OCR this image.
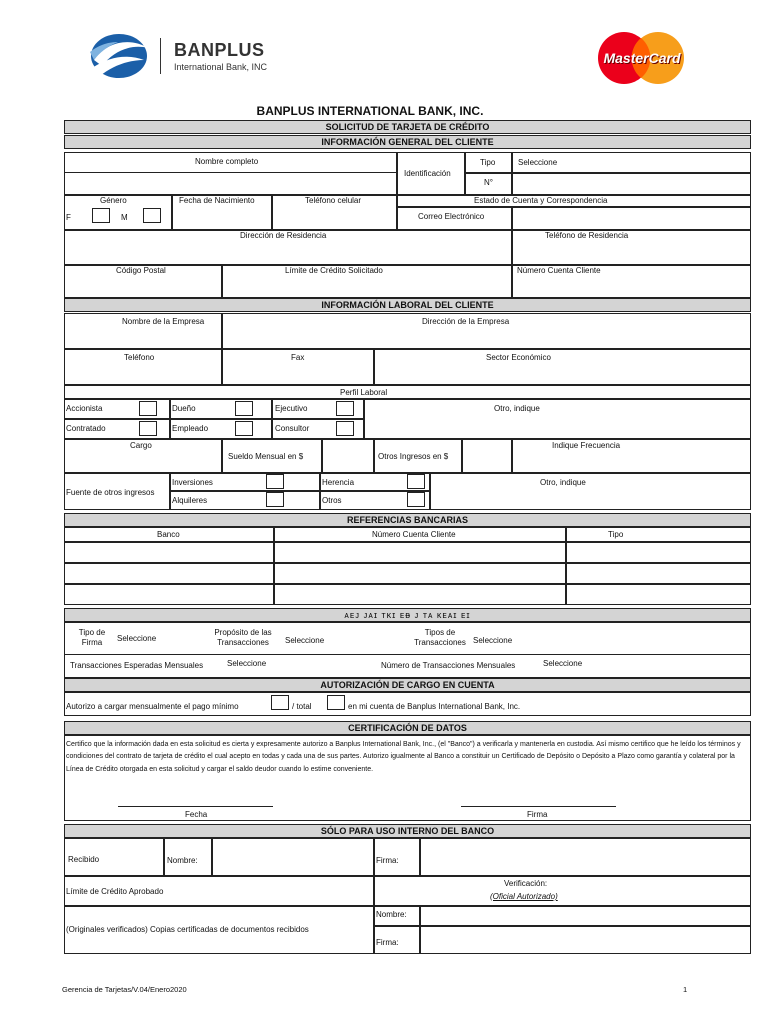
BANPLUS
International Bank, INC
MasterCard
BANPLUS INTERNATIONAL BANK, INC.
SOLICITUD DE TARJETA DE CRÉDITO
INFORMACIÓN GENERAL DEL CLIENTE
Nombre completo
Identificación
Tipo	Seleccione
N°
Género
F	M
Fecha de Nacimiento	Teléfono celular	Estado de Cuenta y Correspondencia
Correo Electrónico
Dirección de Residencia	Teléfono de Residencia
Código Postal	Límite de Crédito Solicitado	Número Cuenta Cliente
INFORMACIÓN LABORAL DEL CLIENTE
Nombre de la Empresa	Dirección de la Empresa
Teléfono	Fax	Sector Económico
Perfil Laboral
Accionista	Dueño	Ejecutivo	Otro, indique
Contratado	Empleado	Consultor
Cargo
Sueldo Mensual en $	Otros Ingresos en $
Indique Frecuencia
Fuente de otros ingresos
Inversiones	Herencia	Otro, indique
Alquileres	Otros
REFERENCIAS BANCARIAS
Banco	Número Cuenta Cliente	Tipo
ᴀᴇᴊ ᴊᴀɪ ᴛᴋɪ ᴇᴃ ᴊ ᴛᴀ ᴋᴇᴀɪ ᴇɪ
Tipo de Firma	Seleccione
Propósito de las Transacciones	Seleccione
Tipos de Transacciones Seleccione
Transacciones Esperadas Mensuales	Seleccione	Número de Transacciones Mensuales	Seleccione
AUTORIZACIÓN DE CARGO EN CUENTA
Autorizo a cargar mensualmente el pago mínimo	/ total	en mi cuenta de Banplus International Bank, Inc.
CERTIFICACIÓN DE DATOS
Certifico que la información dada en esta solicitud es cierta y expresamente autorizo a Banplus International Bank, Inc., (el "Banco") a verificarla y mantenerla en custodia. Así mismo certifico que he leído los términos y condiciones del contrato de tarjeta de crédito el cual acepto en todas y cada una de sus partes. Autorizo igualmente al Banco a constituir un Certificado de Depósito o Depósito a Plazo como garantía y colateral por la Línea de Crédito otorgada en esta solicitud y cargar el saldo deudor cuando lo estime conveniente.
Fecha	Firma
SÓLO PARA USO INTERNO DEL BANCO
Recibido	Nombre:	Firma:
Límite de Crédito Aprobado
Verificación:
(Oficial Autorizado)
(Originales verificados) Copias certificadas de documentos recibidos
Nombre:
Firma:
Gerencia de Tarjetas/V.04/Enero2020	1
